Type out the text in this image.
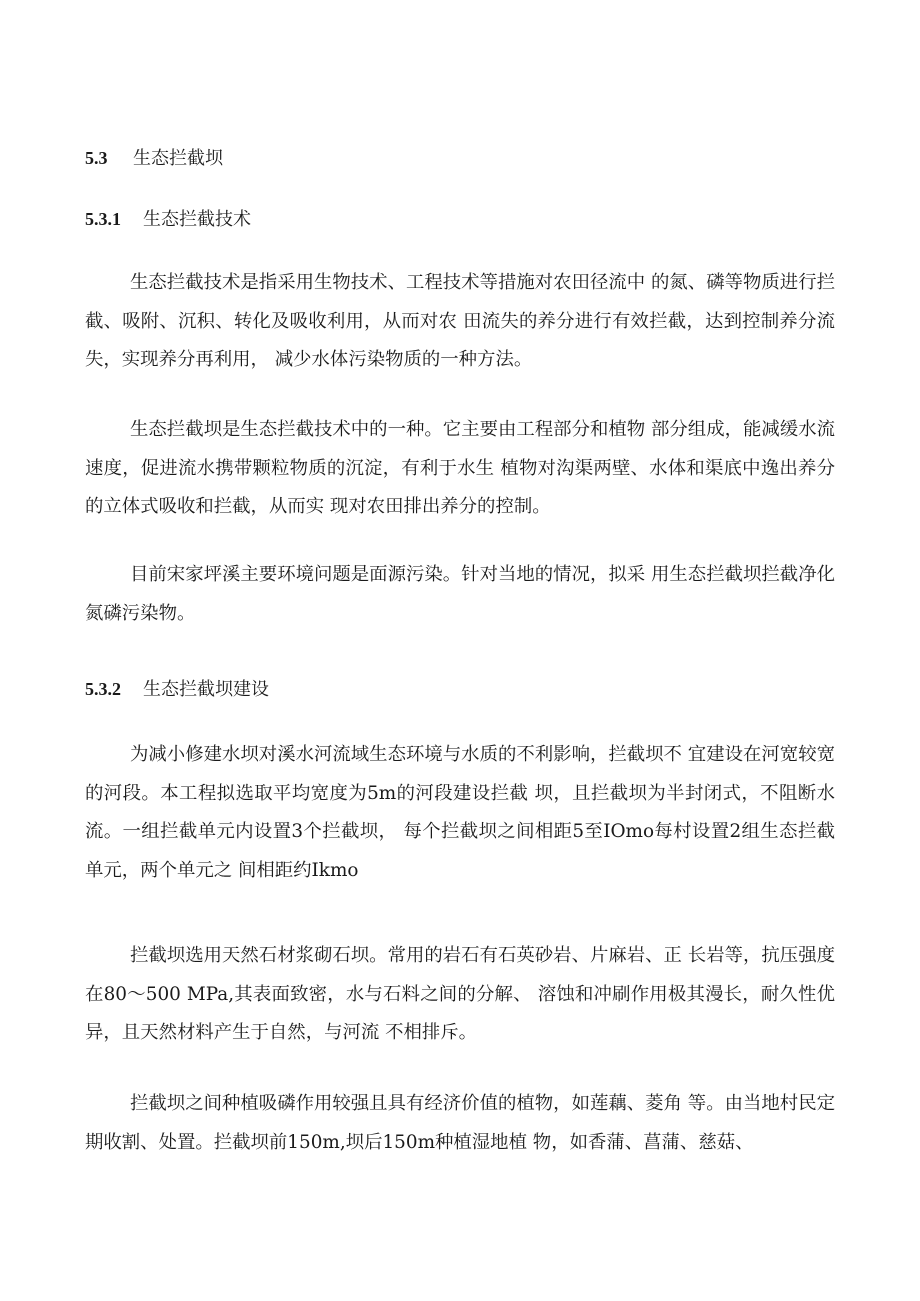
5.3 生态拦截坝
5.3.1 生态拦截技术

生态拦截技术是指采用生物技术、工程技术等措施对农田径流中 的氮、磷等物质进行拦截、吸附、沉积、转化及吸收利用，从而对农 田流失的养分进行有效拦截，达到控制养分流失，实现养分再利用， 减少水体污染物质的一种方法。

生态拦截坝是生态拦截技术中的一种。它主要由工程部分和植物 部分组成，能减缓水流速度，促进流水携带颗粒物质的沉淀，有利于水生 植物对沟渠两壁、水体和渠底中逸出养分的立体式吸收和拦截，从而实 现对农田排出养分的控制。

目前宋家坪溪主要环境问题是面源污染。针对当地的情况，拟采 用生态拦截坝拦截净化氮磷污染物。

5.3.2 生态拦截坝建设

为减小修建水坝对溪水河流域生态环境与水质的不利影响，拦截坝不 宜建设在河宽较宽的河段。本工程拟选取平均宽度为5m的河段建设拦截 坝，且拦截坝为半封闭式，不阻断水流。一组拦截单元内设置3个拦截坝， 每个拦截坝之间相距5至IOmo每村设置2组生态拦截单元，两个单元之 间相距约Ikmo

拦截坝选用天然石材浆砌石坝。常用的岩石有石英砂岩、片麻岩、正 长岩等，抗压强度在80～500 MPa,其表面致密，水与石料之间的分解、 溶蚀和冲刷作用极其漫长，耐久性优异，且天然材料产生于自然，与河流 不相排斥。

拦截坝之间种植吸磷作用较强且具有经济价值的植物，如莲藕、菱角 等。由当地村民定期收割、处置。拦截坝前150m,坝后150m种植湿地植 物，如香蒲、菖蒲、慈菇、
